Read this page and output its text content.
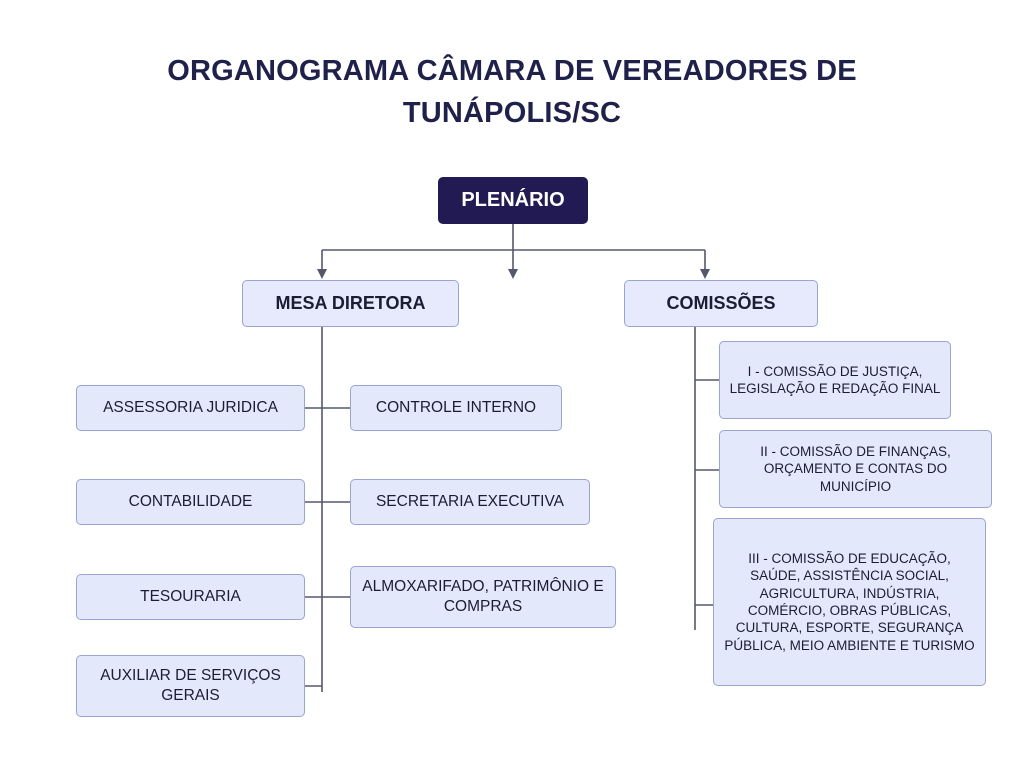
ORGANOGRAMA CÂMARA DE VEREADORES DE TUNÁPOLIS/SC
PLENÁRIO
MESA DIRETORA	COMISSÕES
ASSESSORIA JURIDICA
CONTABILIDADE
TESOURARIA
AUXILIAR DE SERVIÇOS GERAIS
CONTROLE INTERNO
SECRETARIA EXECUTIVA
ALMOXARIFADO, PATRIMÔNIO E COMPRAS
I - COMISSÃO DE JUSTIÇA, LEGISLAÇÃO E REDAÇÃO FINAL
II - COMISSÃO DE FINANÇAS, ORÇAMENTO E CONTAS DO MUNICÍPIO
III - COMISSÃO DE EDUCAÇÃO, SAÚDE, ASSISTÊNCIA SOCIAL, AGRICULTURA, INDÚSTRIA, COMÉRCIO, OBRAS PÚBLICAS, CULTURA, ESPORTE, SEGURANÇA PÚBLICA, MEIO AMBIENTE E TURISMO
